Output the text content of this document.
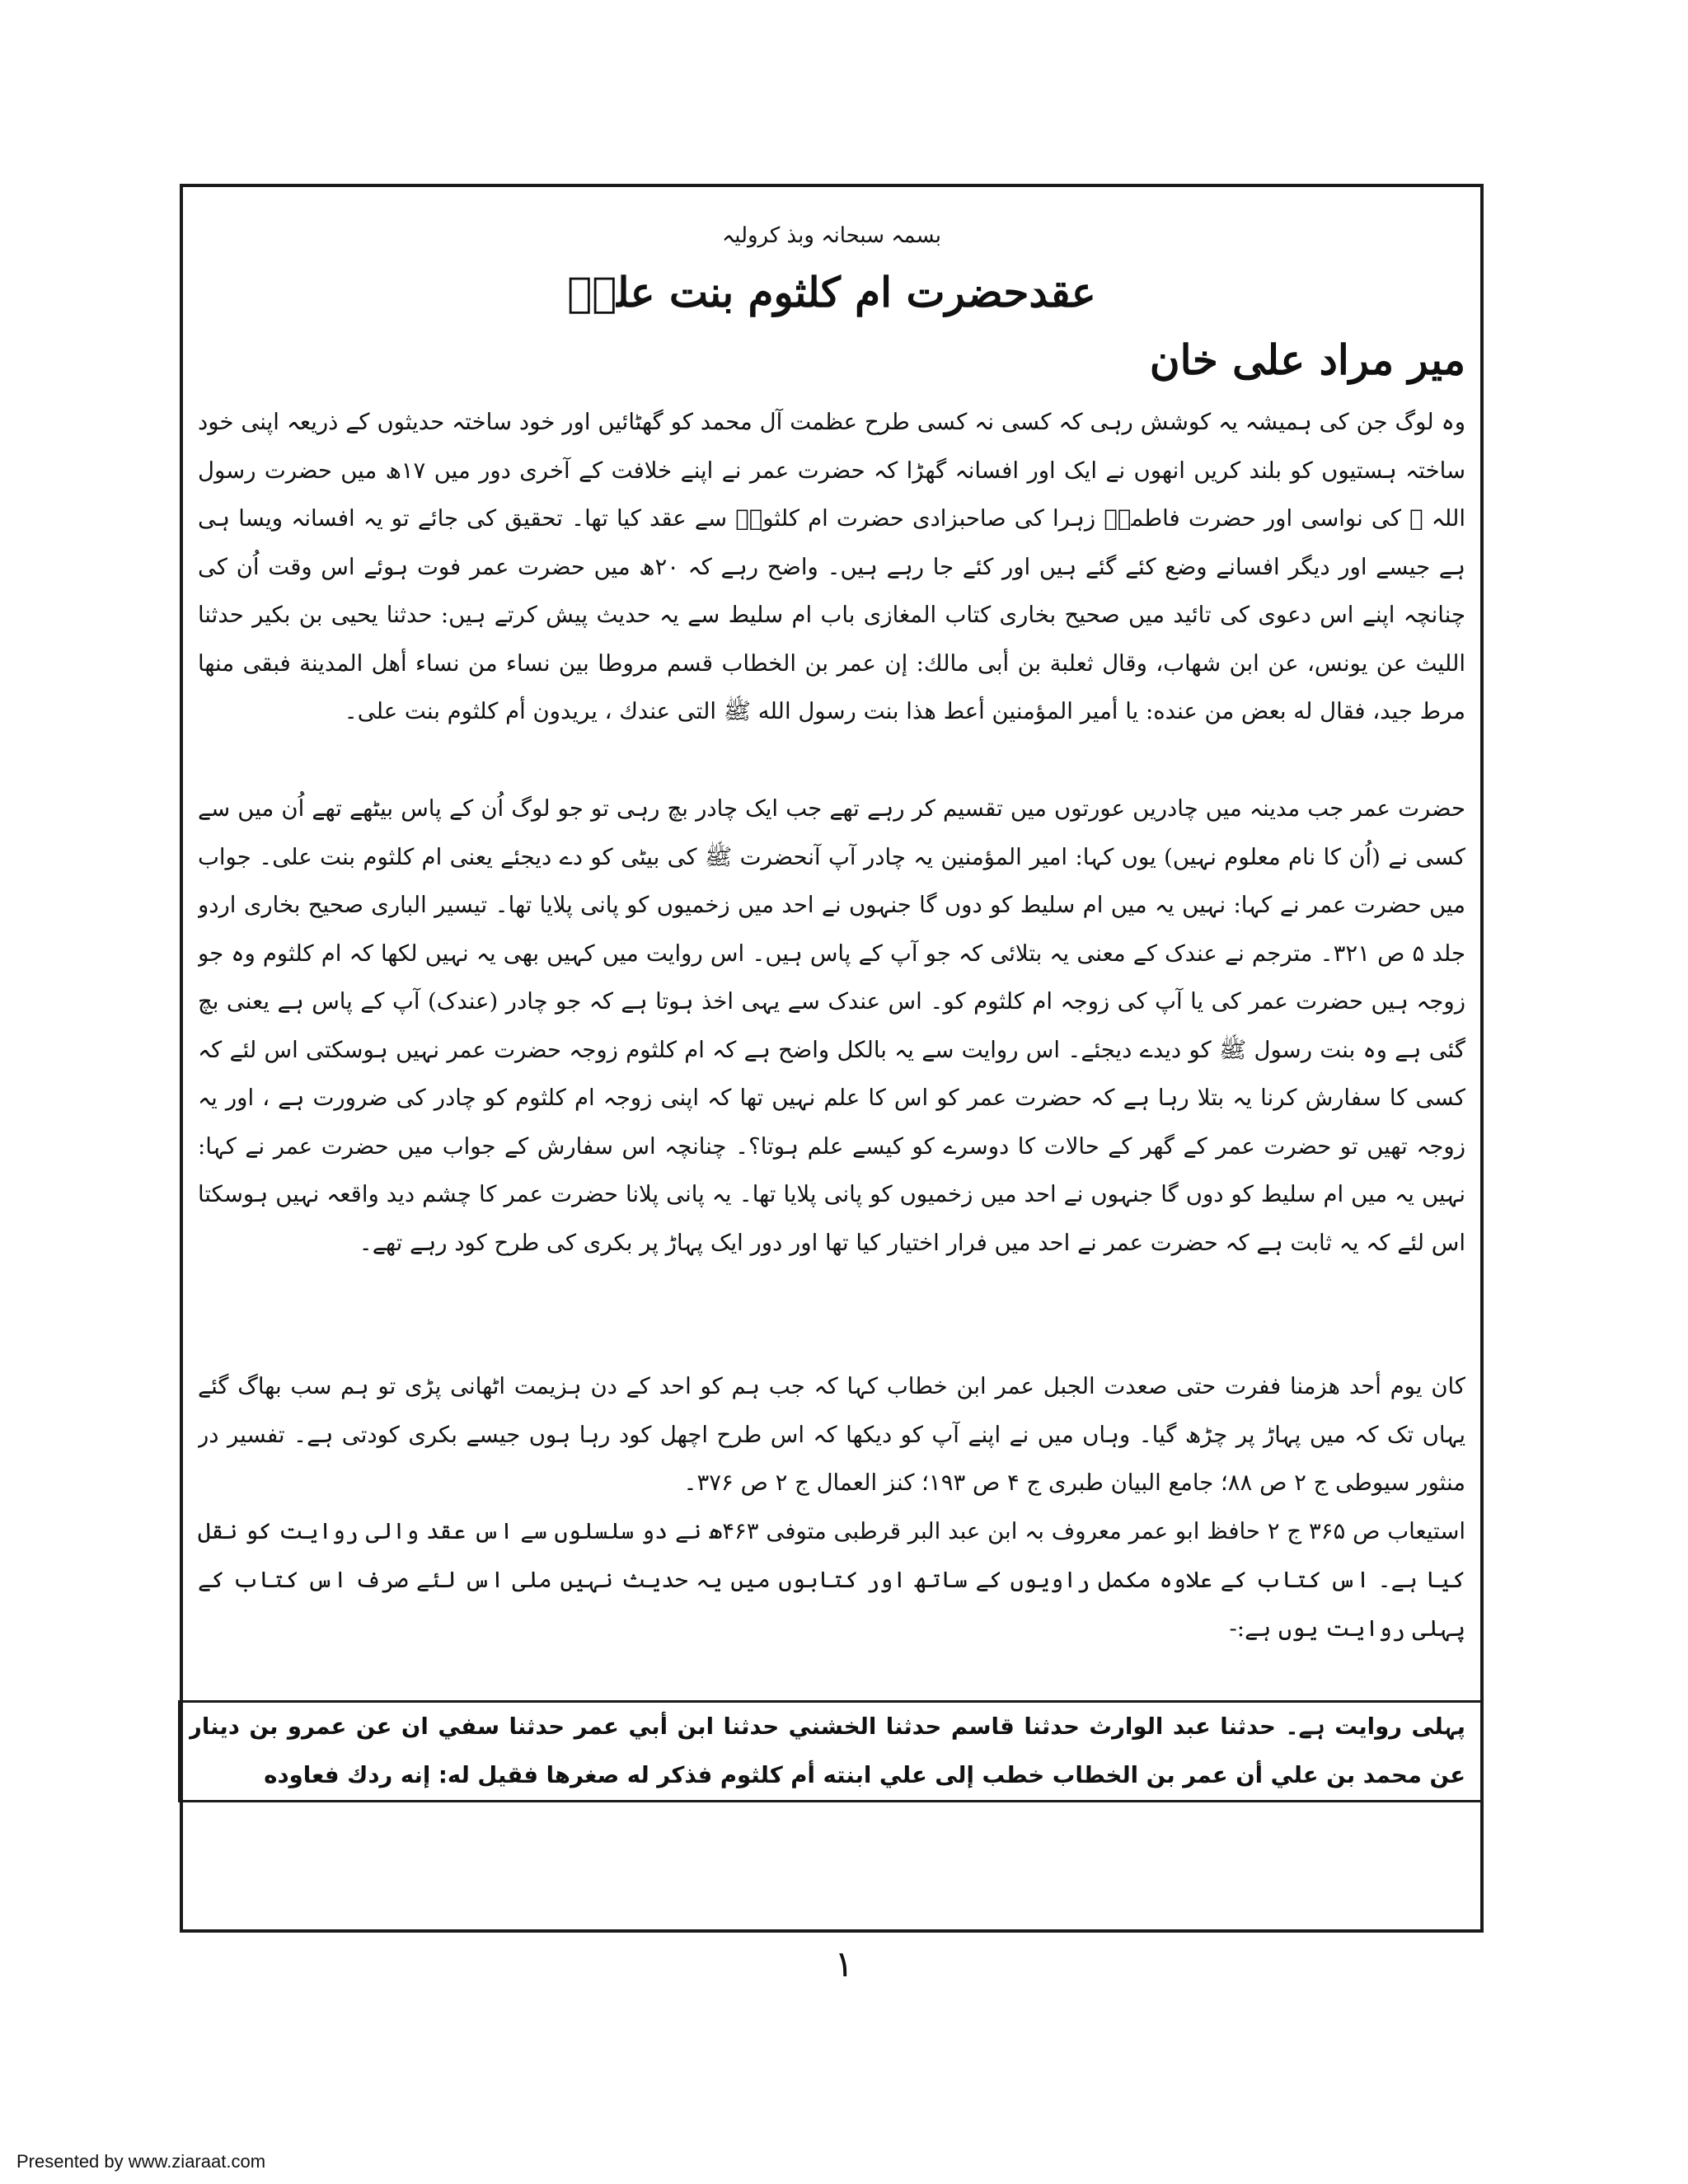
بسمہ سبحانہ وبذ کرولیہ
عقدحضرت ام کلثوم بنت علیؑ
میر مراد علی خان
وہ لوگ جن کی ہمیشہ یہ کوشش رہی کہ کسی نہ کسی طرح عظمت آل محمد کو گھٹائیں اور خود ساختہ حدیثوں کے ذریعہ اپنی خود ساختہ ہستیوں کو بلند کریں انھوں نے ایک اور افسانہ گھڑا کہ حضرت عمر نے اپنے خلافت کے آخری دور میں ۱۷ھ میں حضرت رسول اللہ ﷺ کی نواسی اور حضرت فاطمہؑ زہرا کی صاحبزادی حضرت ام کلثومؑ سے عقد کیا تھا۔ تحقیق کی جائے تو یہ افسانہ ویسا ہی ہے جیسے اور دیگر افسانے وضع کئے گئے ہیں اور کئے جا رہے ہیں۔ واضح رہے کہ ۲۰ھ میں حضرت عمر فوت ہوئے اس وقت اُن کی
چنانچہ اپنے اس دعوی کی تائید میں صحیح بخاری کتاب المغازی باب ام سلیط سے یہ حدیث پیش کرتے ہیں: حدثنا يحيى بن بكير حدثنا الليث عن يونس، عن ابن شهاب، وقال ثعلبة بن أبى مالك: إن عمر بن الخطاب قسم مروطا بين نساء من نساء أهل المدينة فبقى منها مرط جيد، فقال له بعض من عنده: يا أمير المؤمنين أعط هذا بنت رسول الله ﷺ التى عندك ، يريدون أم كلثوم بنت على۔
حضرت عمر جب مدینہ میں چادریں عورتوں میں تقسیم کر رہے تھے جب ایک چادر بچ رہی تو جو لوگ اُن کے پاس بیٹھے تھے اُن میں سے کسی نے (اُن کا نام معلوم نہیں) یوں کہا: امیر المؤمنین یہ چادر آپ آنحضرت ﷺ کی بیٹی کو دے دیجئے یعنی ام کلثوم بنت علی۔ جواب میں حضرت عمر نے کہا: نہیں یہ میں ام سلیط کو دوں گا جنہوں نے احد میں زخمیوں کو پانی پلایا تھا۔ تیسیر الباری صحیح بخاری اردو جلد ۵ ص ۳۲۱۔ مترجم نے عندک کے معنی یہ بتلائی کہ جو آپ کے پاس ہیں۔ اس روایت میں کہیں بھی یہ نہیں لکھا کہ ام کلثوم وہ جو زوجہ ہیں حضرت عمر کی یا آپ کی زوجہ ام کلثوم کو۔ اس عندک سے یہی اخذ ہوتا ہے کہ جو چادر (عندک) آپ کے پاس ہے یعنی بچ گئی ہے وہ بنت رسول ﷺ کو دیدے دیجئے۔ اس روایت سے یہ بالکل واضح ہے کہ ام کلثوم زوجہ حضرت عمر نہیں ہوسکتی اس لئے کہ کسی کا سفارش کرنا یہ بتلا رہا ہے کہ حضرت عمر کو اس کا علم نہیں تھا کہ اپنی زوجہ ام کلثوم کو چادر کی ضرورت ہے ، اور یہ زوجہ تھیں تو حضرت عمر کے گھر کے حالات کا دوسرے کو کیسے علم ہوتا؟۔ چنانچہ اس سفارش کے جواب میں حضرت عمر نے کہا: نہیں یہ میں ام سلیط کو دوں گا جنہوں نے احد میں زخمیوں کو پانی پلایا تھا۔ یہ پانی پلانا حضرت عمر کا چشم دید واقعہ نہیں ہوسکتا اس لئے کہ یہ ثابت ہے کہ حضرت عمر نے احد میں فرار اختیار کیا تھا اور دور ایک پہاڑ پر بکری کی طرح کود رہے تھے۔
كان يوم أحد هزمنا ففرت حتى صعدت الجبل عمر ابن خطاب کہا کہ جب ہم کو احد کے دن ہزیمت اٹھانی پڑی تو ہم سب بھاگ گئے یہاں تک کہ میں پہاڑ پر چڑھ گیا۔ وہاں میں نے اپنے آپ کو دیکھا کہ اس طرح اچھل کود رہا ہوں جیسے بکری کودتی ہے۔ تفسیر در منثور سیوطی ج ۲ ص ۸۸؛ جامع البیان طبری ج ۴ ص ۱۹۳؛ کنز العمال ج ۲ ص ۳۷۶۔
استیعاب ص ۳۶۵ ج ۲ حافظ ابو عمر معروف بہ ابن عبد البر قرطبی متوفی ۴۶۳ھ نے دو سلسلوں سے اس عقد والی روایت کو نقل کیا ہے۔ اس کتاب کے علاوہ مکمل راویوں کے ساتھ اور کتابوں میں یہ حدیث نہیں ملی اس لئے صرف اس کتاب کے
پہلی روایت یوں ہے:-
پہلی روایت ہے۔ حدثنا عبد الوارث حدثنا قاسم حدثنا الخشني حدثنا ابن أبي عمر حدثنا سفي ان عن عمرو بن دينار عن محمد بن علي أن عمر بن الخطاب خطب إلى علي ابنته أم كلثوم فذكر له صغرها فقيل له: إنه ردك فعاوده
۱
Presented by www.ziaraat.com
